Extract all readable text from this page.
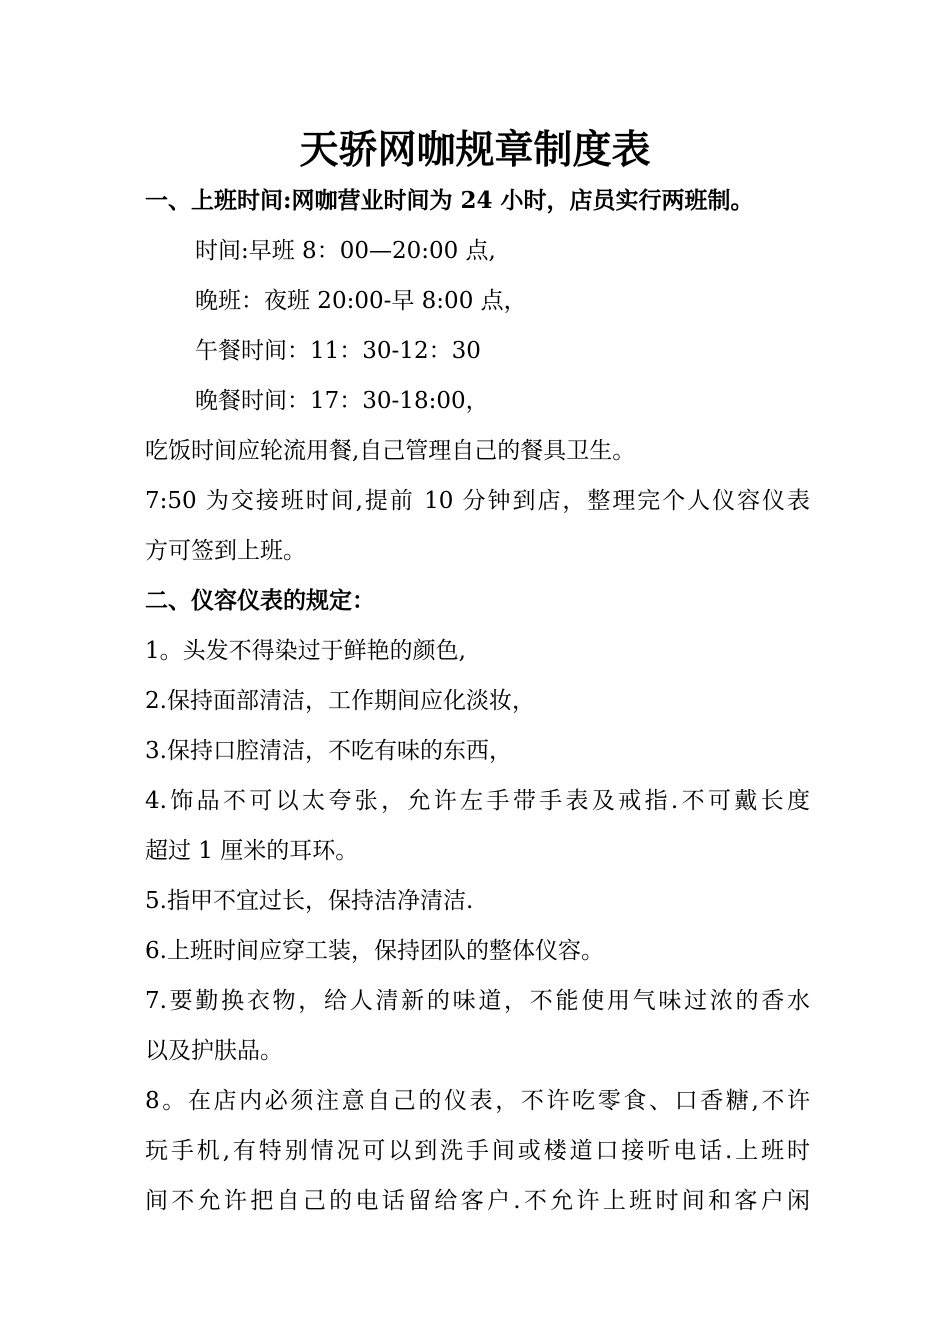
天骄网咖规章制度表
一、上班时间:网咖营业时间为 24 小时，店员实行两班制。
时间:早班 8：00—20:00 点,
晚班：夜班 20:00-早 8:00 点，
午餐时间：11：30-12：30
晚餐时间：17：30-18:00，
吃饭时间应轮流用餐,自己管理自己的餐具卫生。
7:50 为交接班时间,提前 10 分钟到店，整理完个人仪容仪表
方可签到上班。
二、仪容仪表的规定：
1。头发不得染过于鲜艳的颜色,
2.保持面部清洁，工作期间应化淡妆，
3.保持口腔清洁，不吃有味的东西，
4.饰品不可以太夸张，允许左手带手表及戒指.不可戴长度
超过 1 厘米的耳环。
5.指甲不宜过长，保持洁净清洁.
6.上班时间应穿工装，保持团队的整体仪容。
7.要勤换衣物，给人清新的味道，不能使用气味过浓的香水
以及护肤品。
8。在店内必须注意自己的仪表，不许吃零食、口香糖,不许
玩手机,有特别情况可以到洗手间或楼道口接听电话.上班时
间不允许把自己的电话留给客户.不允许上班时间和客户闲
